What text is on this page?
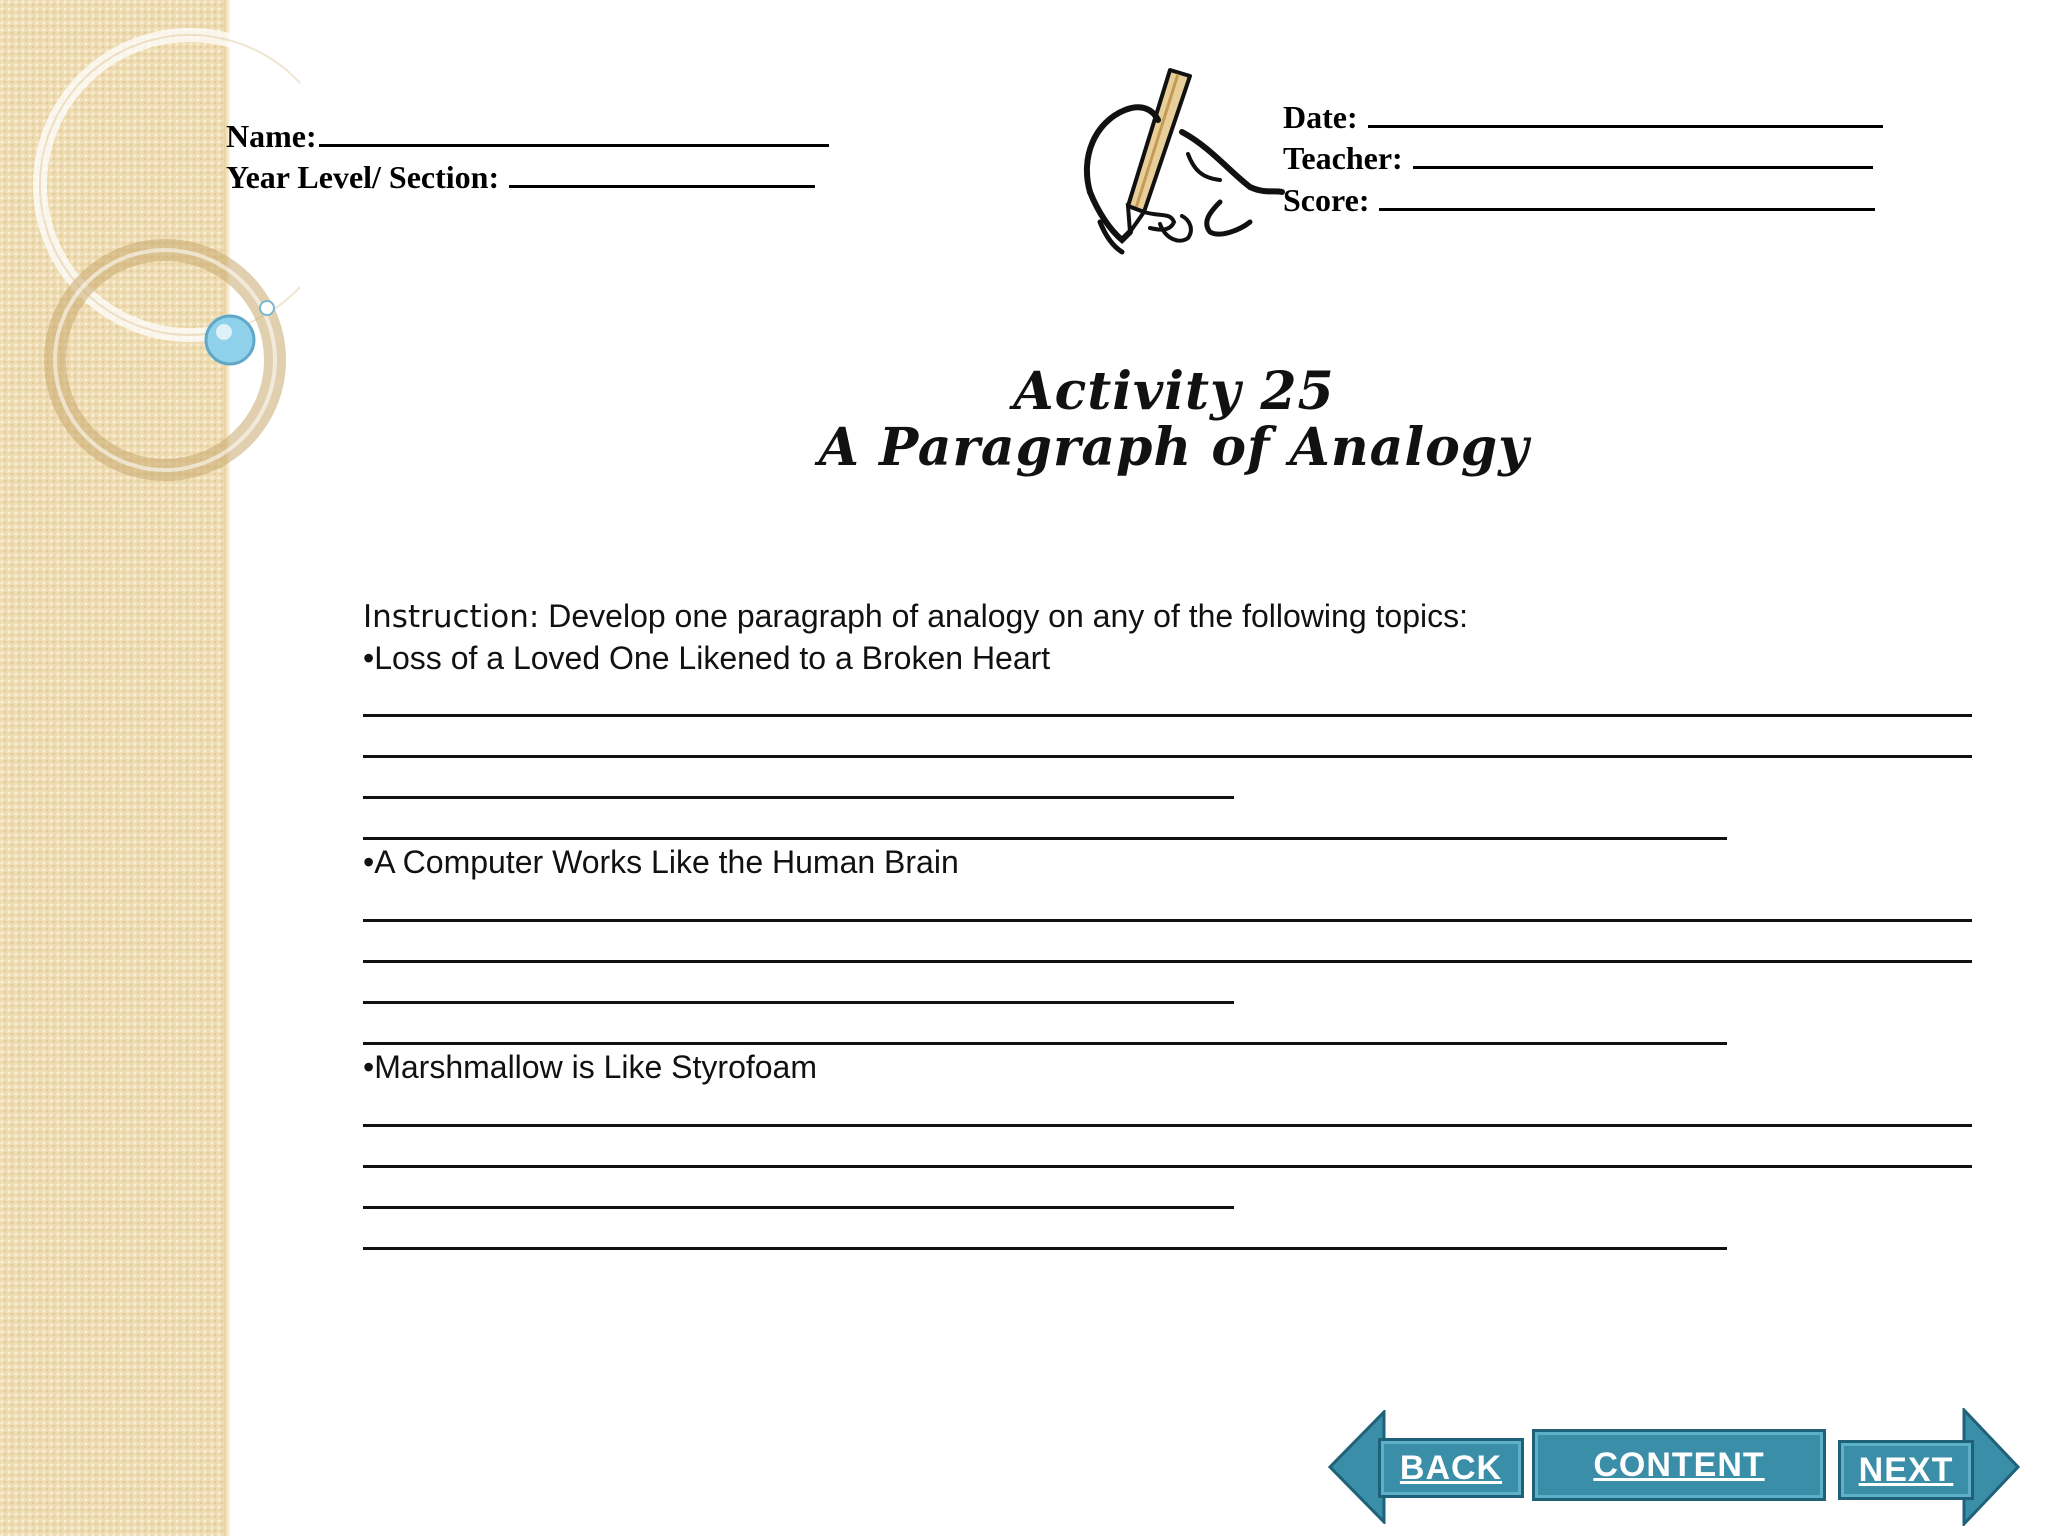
Name:
Year Level/ Section:
Date:
Teacher:
Score:
Activity 25
A Paragraph of Analogy
Instruction: Develop one paragraph of analogy on any of the following topics:
•Loss of a Loved One Likened to a Broken Heart
•A Computer Works Like the Human Brain
•Marshmallow is Like Styrofoam
BACK	CONTENT	NEXT
